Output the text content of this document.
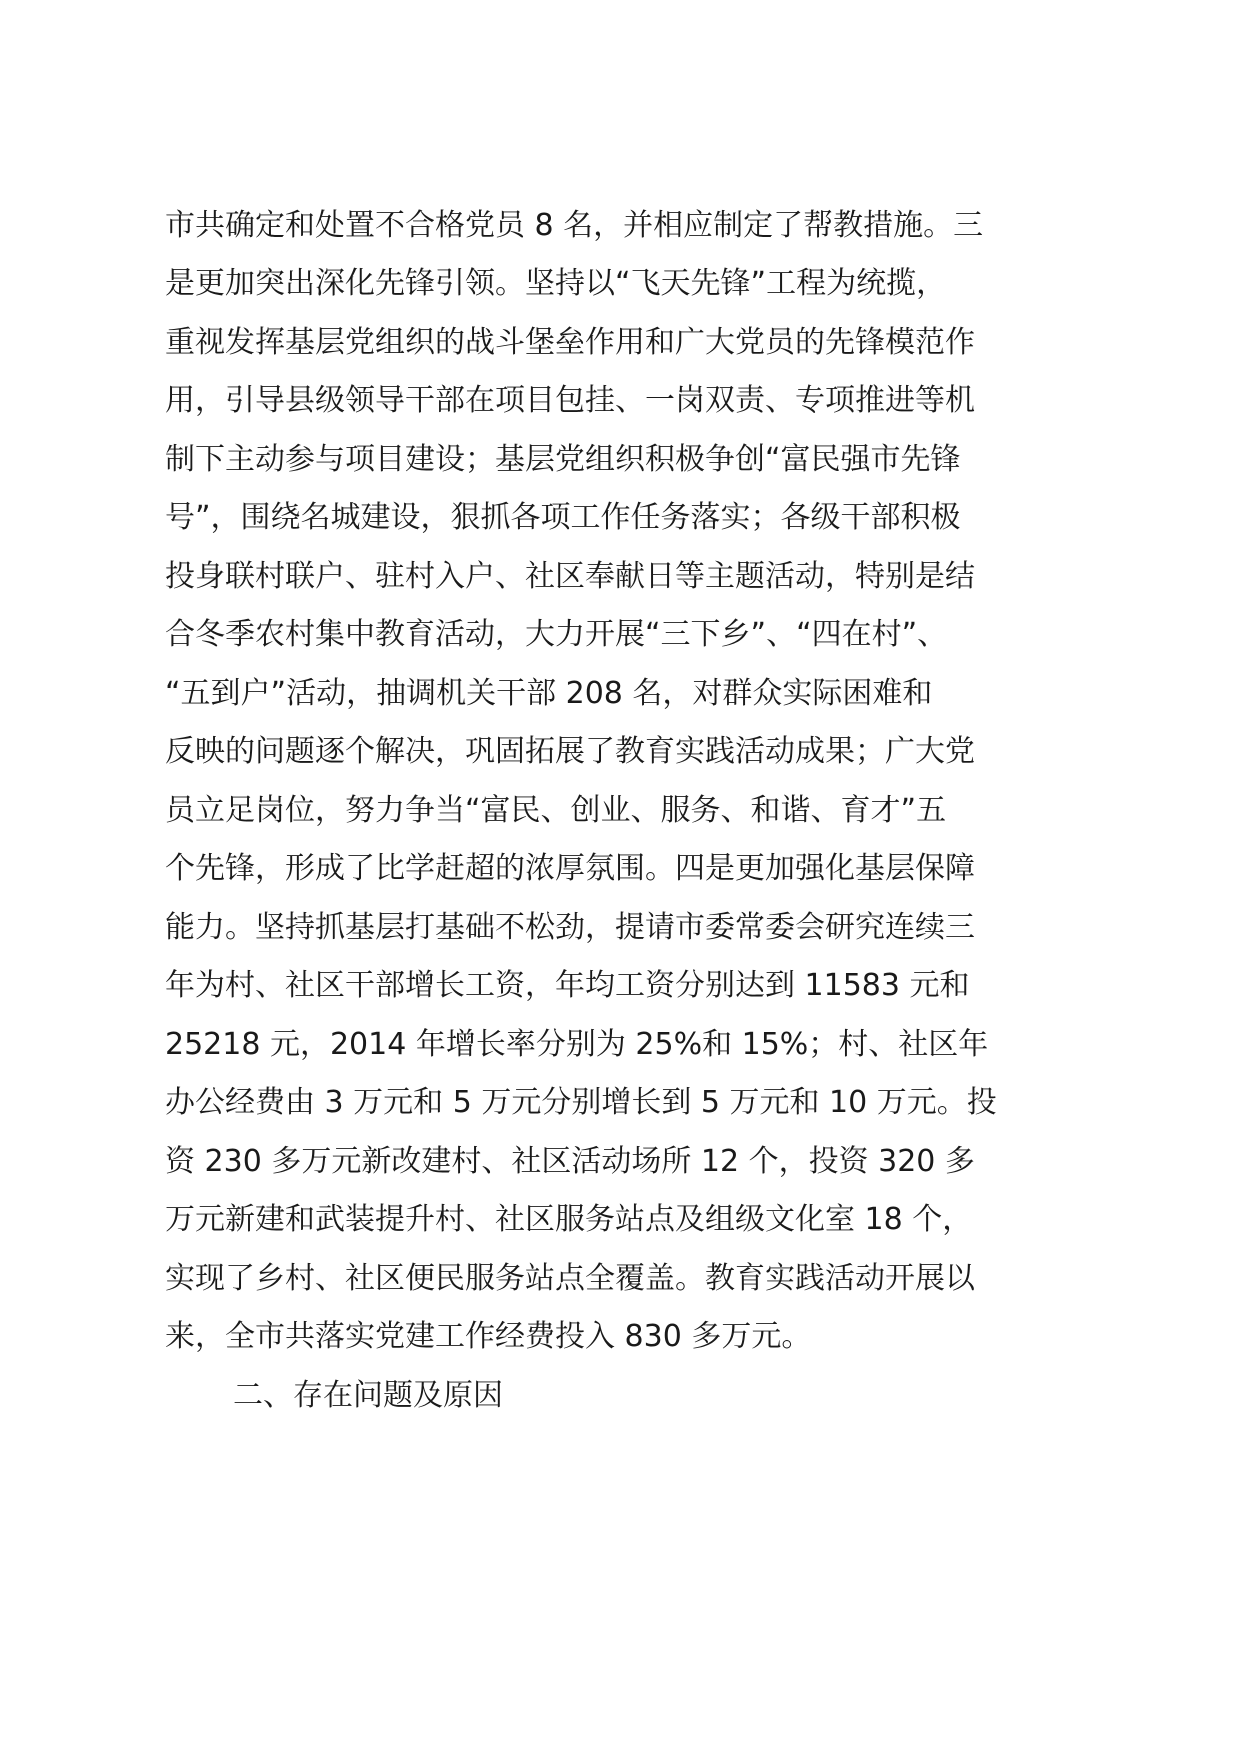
市共确定和处置不合格党员 8 名，并相应制定了帮教措施。三
是更加突出深化先锋引领。坚持以“飞天先锋”工程为统揽，
重视发挥基层党组织的战斗堡垒作用和广大党员的先锋模范作
用，引导县级领导干部在项目包挂、一岗双责、专项推进等机
制下主动参与项目建设；基层党组织积极争创“富民强市先锋
号”，围绕名城建设，狠抓各项工作任务落实；各级干部积极
投身联村联户、驻村入户、社区奉献日等主题活动，特别是结
合冬季农村集中教育活动，大力开展“三下乡”、“四在村”、
“五到户”活动，抽调机关干部 208 名，对群众实际困难和
反映的问题逐个解决，巩固拓展了教育实践活动成果；广大党
员立足岗位，努力争当“富民、创业、服务、和谐、育才”五
个先锋，形成了比学赶超的浓厚氛围。四是更加强化基层保障
能力。坚持抓基层打基础不松劲，提请市委常委会研究连续三
年为村、社区干部增长工资，年均工资分别达到 11583 元和
25218 元，2014 年增长率分别为 25%和 15%；村、社区年
办公经费由 3 万元和 5 万元分别增长到 5 万元和 10 万元。投
资 230 多万元新改建村、社区活动场所 12 个，投资 320 多
万元新建和武装提升村、社区服务站点及组级文化室 18 个，
实现了乡村、社区便民服务站点全覆盖。教育实践活动开展以
来，全市共落实党建工作经费投入 830 多万元。
二、存在问题及原因
